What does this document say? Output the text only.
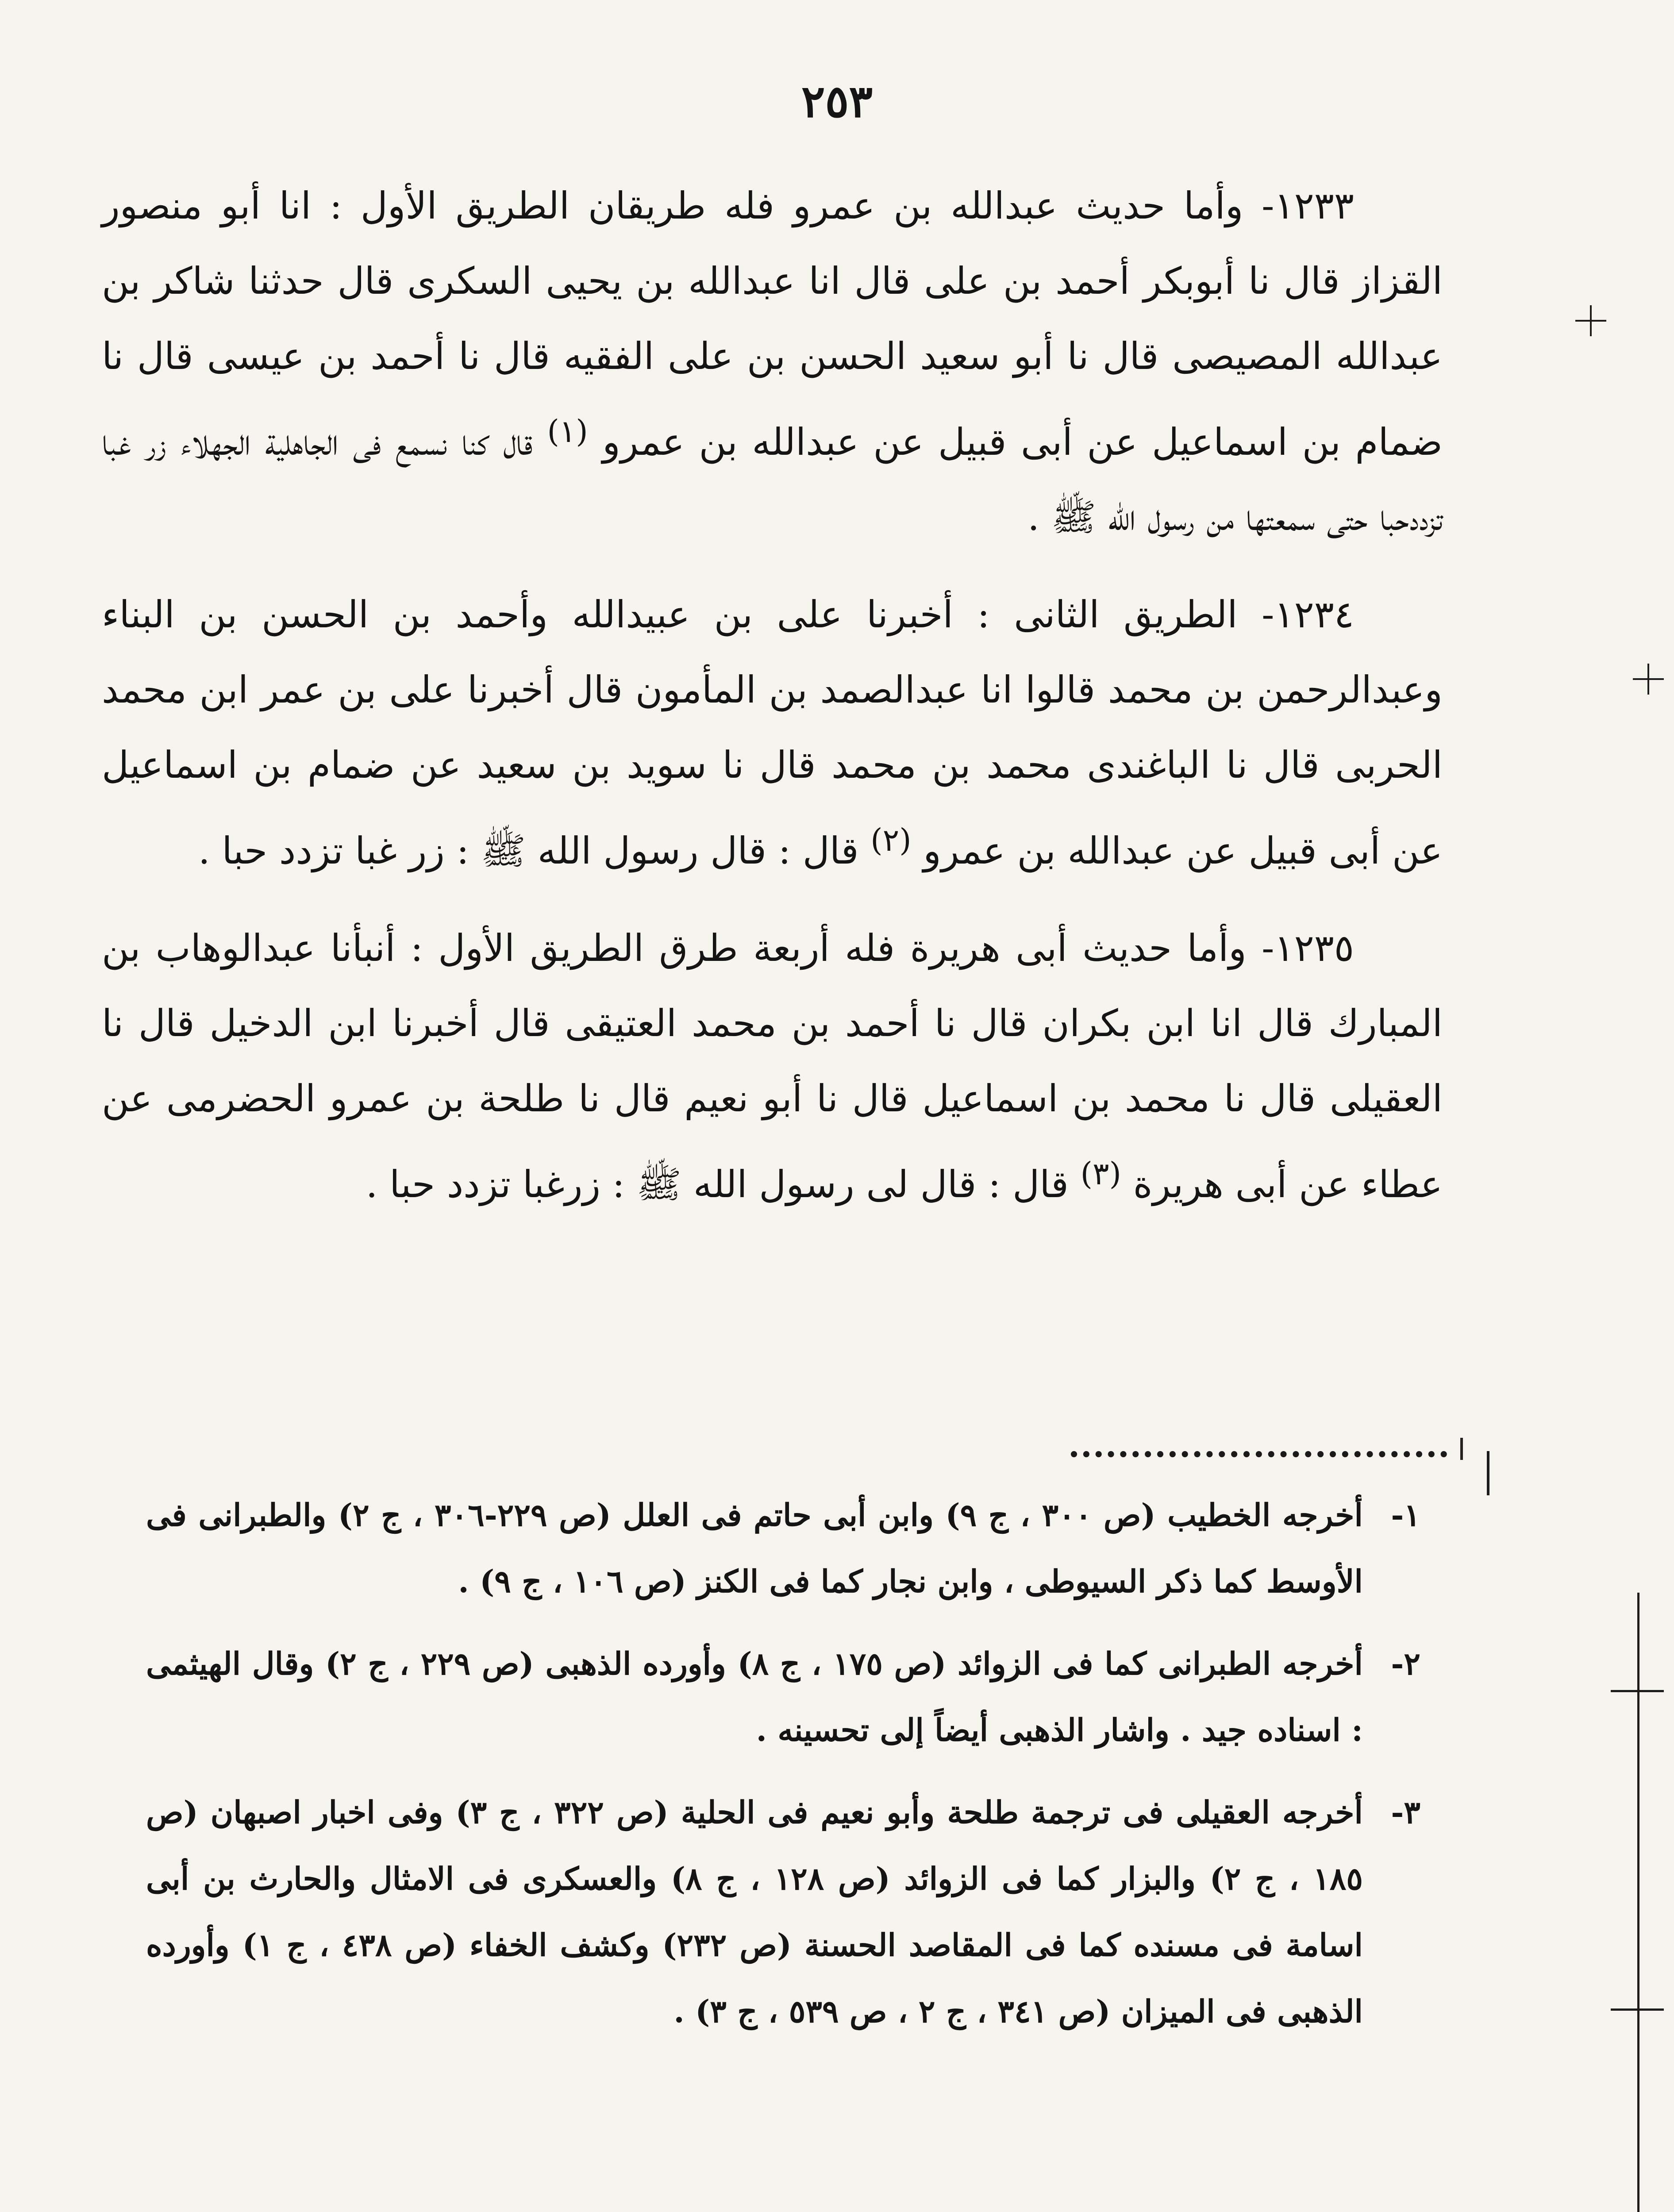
٢٥٣

١٢٣٣- وأما حديث عبدالله بن عمرو فله طريقان الطريق الأول : انا أبو منصور القزاز قال نا أبوبكر أحمد بن على قال انا عبدالله بن يحيى السكرى قال حدثنا شاكر بن عبدالله المصيصى قال نا أبو سعيد الحسن بن على الفقيه قال نا أحمد بن عيسى قال نا ضمام بن اسماعيل عن أبى قبيل عن عبدالله بن عمرو $^{(١)}$ قال كنا نسمع فى الجاهلية الجهلاء زر غبا تزددحبا حتى سمعتها من رسول الله ﷺ .

١٢٣٤- الطريق الثانى : أخبرنا على بن عبيدالله وأحمد بن الحسن بن البناء وعبدالرحمن بن محمد قالوا انا عبدالصمد بن المأمون قال أخبرنا على بن عمر ابن محمد الحربى قال نا الباغندى محمد بن محمد قال نا سويد بن سعيد عن ضمام بن اسماعيل عن أبى قبيل عن عبدالله بن عمرو $^{(٢)}$ قال : قال رسول الله ﷺ : زر غبا تزدد حبا .

١٢٣٥- وأما حديث أبى هريرة فله أربعة طرق الطريق الأول : أنبأنا عبدالوهاب بن المبارك قال انا ابن بكران قال نا أحمد بن محمد العتيقى قال أخبرنا ابن الدخيل قال نا العقيلى قال نا محمد بن اسماعيل قال نا أبو نعيم قال نا طلحة بن عمرو الحضرمى عن عطاء عن أبى هريرة $^{(٣)}$ قال : قال لى رسول الله ﷺ : زرغبا تزدد حبا .

١-
أخرجه الخطيب (ص ٣٠٠ ، ج ٩) وابن أبى حاتم فى العلل (ص ٢٢٩-٣٠٦ ، ج ٢) والطبرانى فى الأوسط كما ذكر السيوطى ، وابن نجار كما فى الكنز (ص ١٠٦ ، ج ٩) .
٢-
أخرجه الطبرانى كما فى الزوائد (ص ١٧٥ ، ج ٨) وأورده الذهبى (ص ٢٢٩ ، ج ٢) وقال الهيثمى : اسناده جيد . واشار الذهبى أيضاً إلى تحسينه .
٣-
أخرجه العقيلى فى ترجمة طلحة وأبو نعيم فى الحلية (ص ٣٢٢ ، ج ٣) وفى اخبار اصبهان (ص ١٨٥ ، ج ٢) والبزار كما فى الزوائد (ص ١٢٨ ، ج ٨) والعسكرى فى الامثال والحارث بن أبى اسامة فى مسنده كما فى المقاصد الحسنة (ص ٢٣٢) وكشف الخفاء (ص ٤٣٨ ، ج ١) وأورده الذهبى فى الميزان (ص ٣٤١ ، ج ٢ ، ص ٥٣٩ ، ج ٣) .
